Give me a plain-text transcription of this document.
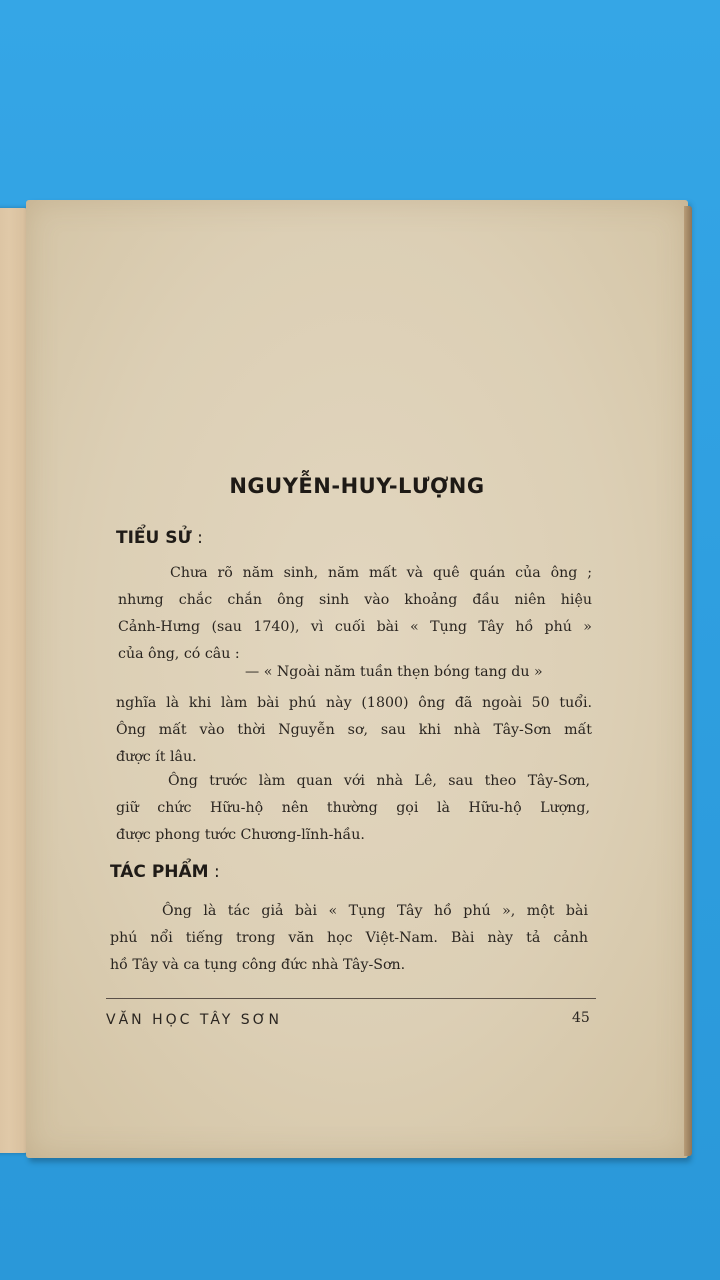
NGUYỄN-HUY-LƯỢNG
TIỂU SỬ :

Chưa rõ năm sinh, năm mất và quê quán của ông ;

nhưng chắc chắn ông sinh vào khoảng đầu niên hiệu

Cảnh-Hưng (sau 1740), vì cuối bài « Tụng Tây hồ phú »

của ông, có câu :

— « Ngoài năm tuần thẹn bóng tang du »

nghĩa là khi làm bài phú này (1800) ông đã ngoài 50 tuổi.

Ông mất vào thời Nguyễn sơ, sau khi nhà Tây-Sơn mất

được ít lâu.

Ông trước làm quan với nhà Lê, sau theo Tây-Sơn,

giữ chức Hữu-hộ nên thường gọi là Hữu-hộ Lượng,

được phong tước Chương-lĩnh-hầu.

TÁC PHẨM :

Ông là tác giả bài « Tụng Tây hồ phú », một bài

phú nổi tiếng trong văn học Việt-Nam. Bài này tả cảnh

hồ Tây và ca tụng công đức nhà Tây-Sơn.

VĂN HỌC TÂY SƠN	45
